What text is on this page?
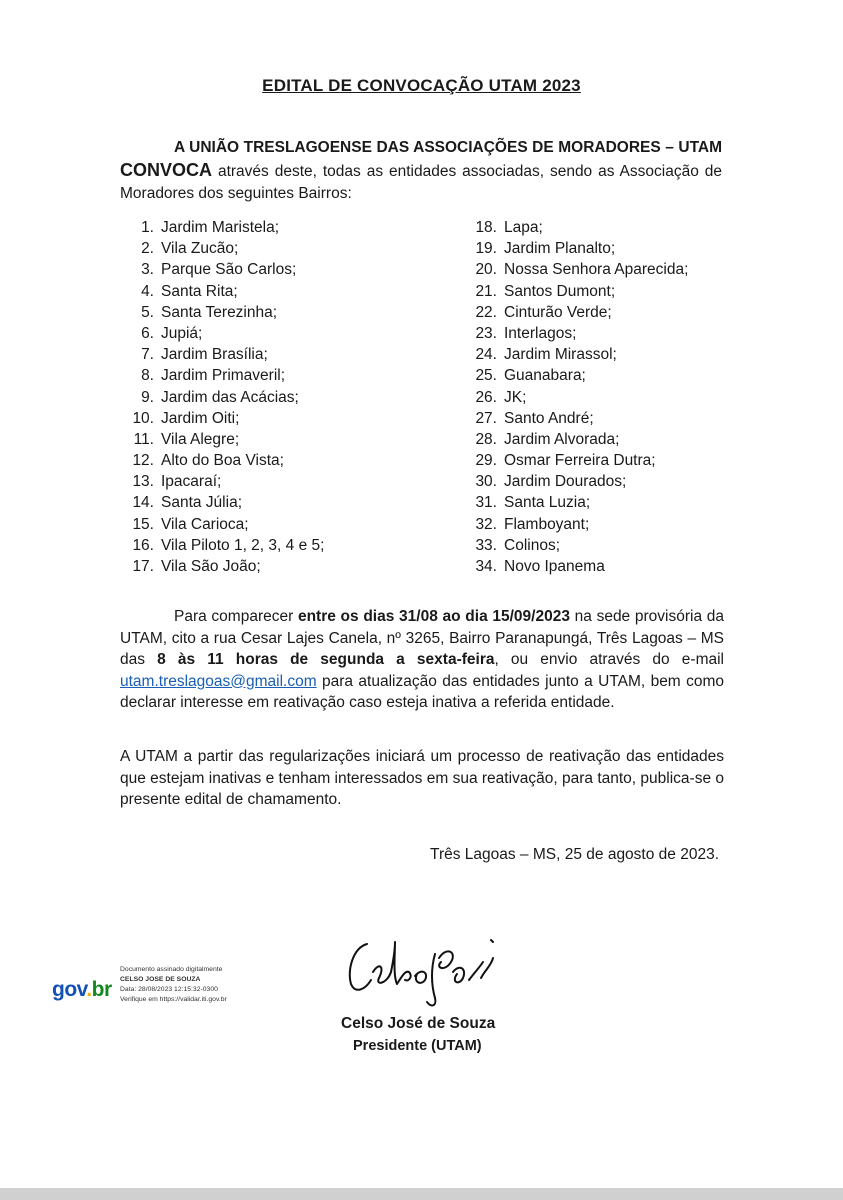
EDITAL DE CONVOCAÇÃO UTAM 2023

A UNIÃO TRESLAGOENSE DAS ASSOCIAÇÕES DE MORADORES – UTAM CONVOCA através deste, todas as entidades associadas, sendo as Associação de Moradores dos seguintes Bairros:

1. Jardim Maristela;
2. Vila Zucão;
3. Parque São Carlos;
4. Santa Rita;
5. Santa Terezinha;
6. Jupiá;
7. Jardim Brasília;
8. Jardim Primaveril;
9. Jardim das Acácias;
10. Jardim Oiti;
11. Vila Alegre;
12. Alto do Boa Vista;
13. Ipacaraí;
14. Santa Júlia;
15. Vila Carioca;
16. Vila Piloto 1, 2, 3, 4 e 5;
17. Vila São João;
18. Lapa;
19. Jardim Planalto;
20. Nossa Senhora Aparecida;
21. Santos Dumont;
22. Cinturão Verde;
23. Interlagos;
24. Jardim Mirassol;
25. Guanabara;
26. JK;
27. Santo André;
28. Jardim Alvorada;
29. Osmar Ferreira Dutra;
30. Jardim Dourados;
31. Santa Luzia;
32. Flamboyant;
33. Colinos;
34. Novo Ipanema

Para comparecer entre os dias 31/08 ao dia 15/09/2023 na sede provisória da UTAM, cito a rua Cesar Lajes Canela, nº 3265, Bairro Paranapungá, Três Lagoas – MS das 8 às 11 horas de segunda a sexta-feira, ou envio através do e-mail utam.treslagoas@gmail.com para atualização das entidades junto a UTAM, bem como declarar interesse em reativação caso esteja inativa a referida entidade.

A UTAM a partir das regularizações iniciará um processo de reativação das entidades que estejam inativas e tenham interessados em sua reativação, para tanto, publica-se o presente edital de chamamento.

Três Lagoas – MS, 25 de agosto de 2023.
gov.br
Documento assinado digitalmente
CELSO JOSE DE SOUZA
Data: 28/08/2023 12:15:32-0300
Verifique em https://validar.iti.gov.br
Celso José de Souza
Presidente (UTAM)
